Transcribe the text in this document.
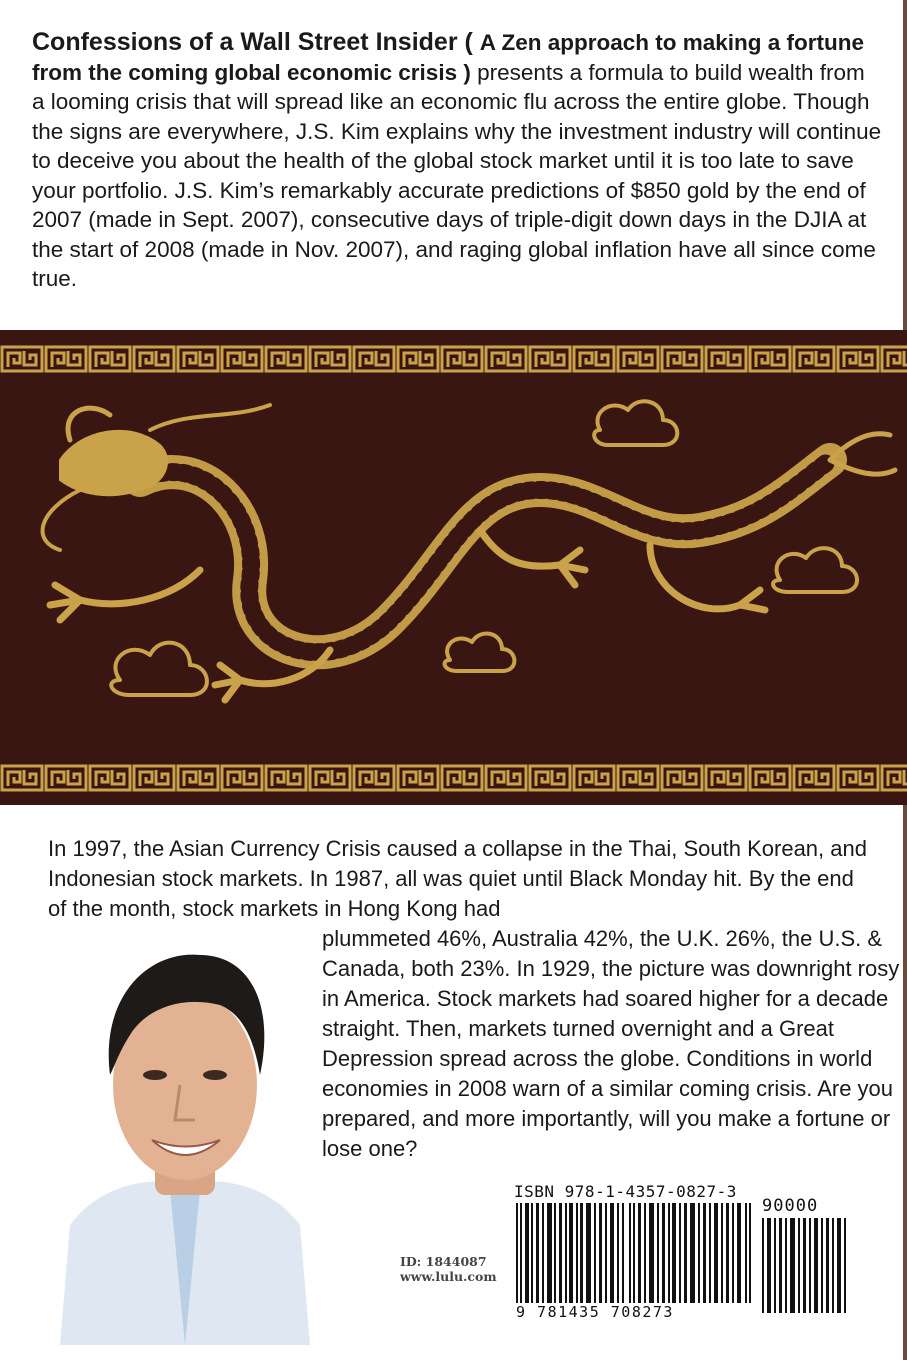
Confessions of a Wall Street Insider ( A Zen approach to making a fortune from the coming global economic crisis ) presents a formula to build wealth from a looming crisis that will spread like an economic flu across the entire globe. Though the signs are everywhere, J.S. Kim explains why the investment industry will continue to deceive you about the health of the global stock market until it is too late to save your portfolio. J.S. Kim’s remarkably accurate predictions of $850 gold by the end of 2007 (made in Sept. 2007), consecutive days of triple-digit down days in the DJIA at the start of 2008 (made in Nov. 2007), and raging global inflation have all since come true.
In 1997, the Asian Currency Crisis caused a collapse in the Thai, South Korean, and Indonesian stock markets. In 1987, all was quiet until Black Monday hit. By the end of the month, stock markets in Hong Kong had
plummeted 46%, Australia 42%, the U.K. 26%, the U.S. & Canada, both 23%. In 1929, the picture was downright rosy in America. Stock markets had soared higher for a decade straight. Then, markets turned overnight and a Great Depression spread across the globe. Conditions in world economies in 2008 warn of a similar coming crisis. Are you prepared, and more importantly, will you make a fortune or lose one?
ID: 1844087
www.lulu.com
ISBN 978-1-4357-0827-3
90000
9 781435 708273
